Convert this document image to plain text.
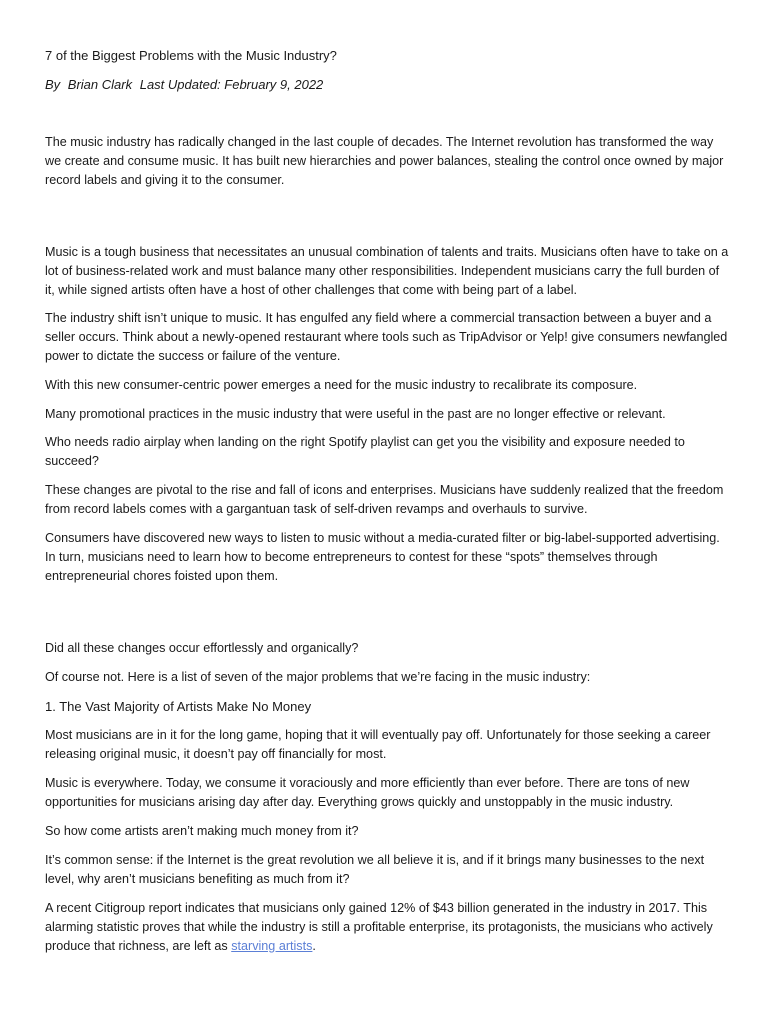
7 of the Biggest Problems with the Music Industry?
By Brian Clark Last Updated: February 9, 2022

The music industry has radically changed in the last couple of decades. The Internet revolution has transformed the way we create and consume music. It has built new hierarchies and power balances, stealing the control once owned by major record labels and giving it to the consumer.

Music is a tough business that necessitates an unusual combination of talents and traits. Musicians often have to take on a lot of business-related work and must balance many other responsibilities. Independent musicians carry the full burden of it, while signed artists often have a host of other challenges that come with being part of a label.

The industry shift isn’t unique to music. It has engulfed any field where a commercial transaction between a buyer and a seller occurs. Think about a newly-opened restaurant where tools such as TripAdvisor or Yelp! give consumers newfangled power to dictate the success or failure of the venture.

With this new consumer-centric power emerges a need for the music industry to recalibrate its composure.

Many promotional practices in the music industry that were useful in the past are no longer effective or relevant.

Who needs radio airplay when landing on the right Spotify playlist can get you the visibility and exposure needed to succeed?

These changes are pivotal to the rise and fall of icons and enterprises. Musicians have suddenly realized that the freedom from record labels comes with a gargantuan task of self-driven revamps and overhauls to survive.

Consumers have discovered new ways to listen to music without a media-curated filter or big-label-supported advertising. In turn, musicians need to learn how to become entrepreneurs to contest for these “spots” themselves through entrepreneurial chores foisted upon them.

Did all these changes occur effortlessly and organically?

Of course not. Here is a list of seven of the major problems that we’re facing in the music industry:

1. The Vast Majority of Artists Make No Money

Most musicians are in it for the long game, hoping that it will eventually pay off. Unfortunately for those seeking a career releasing original music, it doesn’t pay off financially for most.

Music is everywhere. Today, we consume it voraciously and more efficiently than ever before. There are tons of new opportunities for musicians arising day after day. Everything grows quickly and unstoppably in the music industry.

So how come artists aren’t making much money from it?

It’s common sense: if the Internet is the great revolution we all believe it is, and if it brings many businesses to the next level, why aren’t musicians benefiting as much from it?

A recent Citigroup report indicates that musicians only gained 12% of $43 billion generated in the industry in 2017. This alarming statistic proves that while the industry is still a profitable enterprise, its protagonists, the musicians who actively produce that richness, are left as starving artists.
